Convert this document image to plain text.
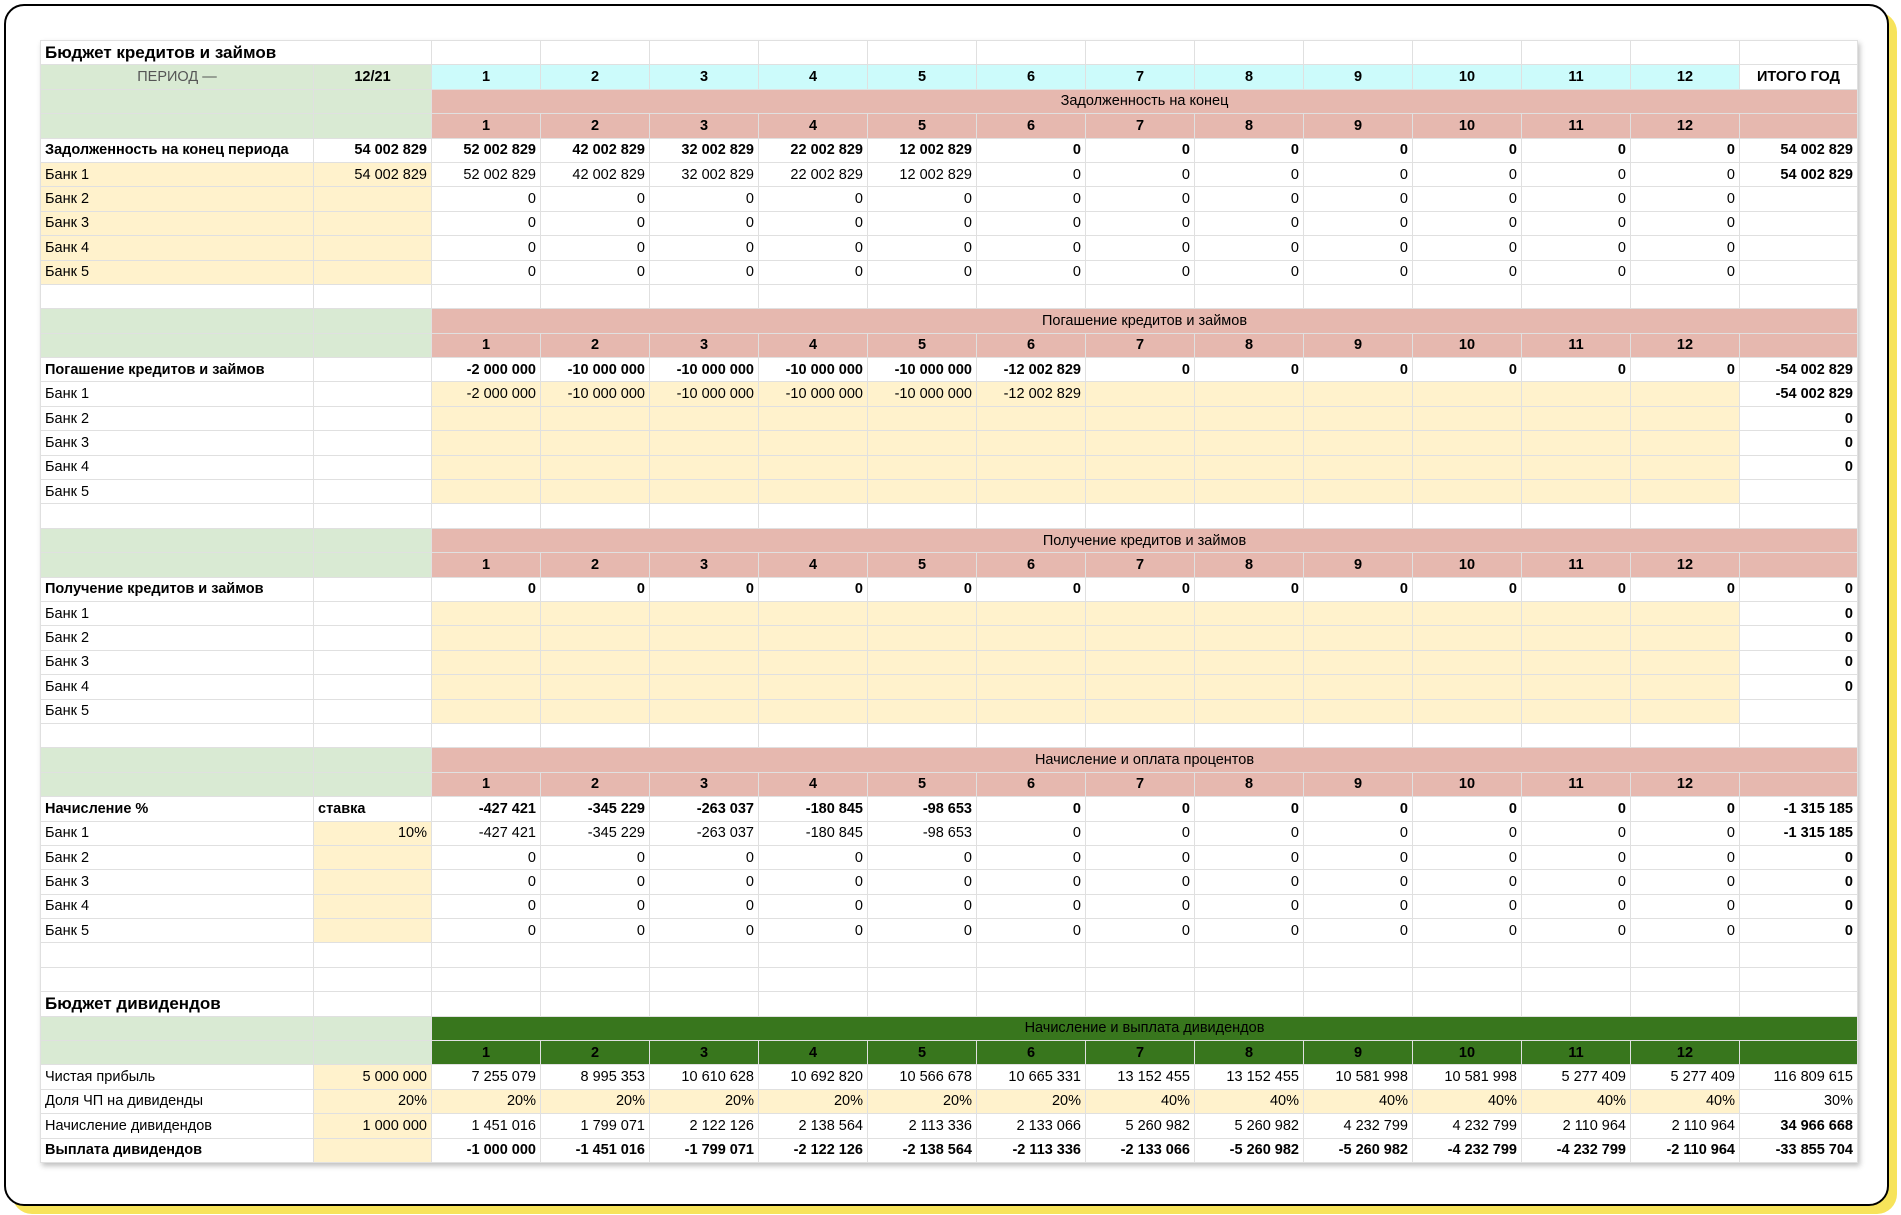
Бюджет кредитов и займов														
ПЕРИОД —	12/21	1	2	3	4	5	6	7	8	9	10	11	12	ИТОГО ГОД
		Задолженность на конец												
		1	2	3	4	5	6	7	8	9	10	11	12	
Задолженность на конец периода	54 002 829	52 002 829	42 002 829	32 002 829	22 002 829	12 002 829	0	0	0	0	0	0	0	54 002 829
Банк 1	54 002 829	52 002 829	42 002 829	32 002 829	22 002 829	12 002 829	0	0	0	0	0	0	0	54 002 829
Банк 2		0	0	0	0	0	0	0	0	0	0	0	0	
Банк 3		0	0	0	0	0	0	0	0	0	0	0	0	
Банк 4		0	0	0	0	0	0	0	0	0	0	0	0	
Банк 5		0	0	0	0	0	0	0	0	0	0	0	0	

		Погашение кредитов и займов												
		1	2	3	4	5	6	7	8	9	10	11	12	
Погашение кредитов и займов		-2 000 000	-10 000 000	-10 000 000	-10 000 000	-10 000 000	-12 002 829	0	0	0	0	0	0	-54 002 829
Банк 1		-2 000 000	-10 000 000	-10 000 000	-10 000 000	-10 000 000	-12 002 829							-54 002 829
Банк 2														0
Банк 3														0
Банк 4														0
Банк 5														

		Получение кредитов и займов												
		1	2	3	4	5	6	7	8	9	10	11	12	
Получение кредитов и займов		0	0	0	0	0	0	0	0	0	0	0	0	0
Банк 1														0
Банк 2														0
Банк 3														0
Банк 4														0
Банк 5														

		Начисление и оплата процентов												
		1	2	3	4	5	6	7	8	9	10	11	12	
Начисление %	ставка	-427 421	-345 229	-263 037	-180 845	-98 653	0	0	0	0	0	0	0	-1 315 185
Банк 1	10%	-427 421	-345 229	-263 037	-180 845	-98 653	0	0	0	0	0	0	0	-1 315 185
Банк 2		0	0	0	0	0	0	0	0	0	0	0	0	0
Банк 3		0	0	0	0	0	0	0	0	0	0	0	0	0
Банк 4		0	0	0	0	0	0	0	0	0	0	0	0	0
Банк 5		0	0	0	0	0	0	0	0	0	0	0	0	0

Бюджет дивидендов														
		Начисление и выплата дивидендов												
		1	2	3	4	5	6	7	8	9	10	11	12	
Чистая прибыль	5 000 000	7 255 079	8 995 353	10 610 628	10 692 820	10 566 678	10 665 331	13 152 455	13 152 455	10 581 998	10 581 998	5 277 409	5 277 409	116 809 615
Доля ЧП на дивиденды	20%	20%	20%	20%	20%	20%	20%	40%	40%	40%	40%	40%	40%	30%
Начисление дивидендов	1 000 000	1 451 016	1 799 071	2 122 126	2 138 564	2 113 336	2 133 066	5 260 982	5 260 982	4 232 799	4 232 799	2 110 964	2 110 964	34 966 668
Выплата дивидендов		-1 000 000	-1 451 016	-1 799 071	-2 122 126	-2 138 564	-2 113 336	-2 133 066	-5 260 982	-5 260 982	-4 232 799	-4 232 799	-2 110 964	-33 855 704
